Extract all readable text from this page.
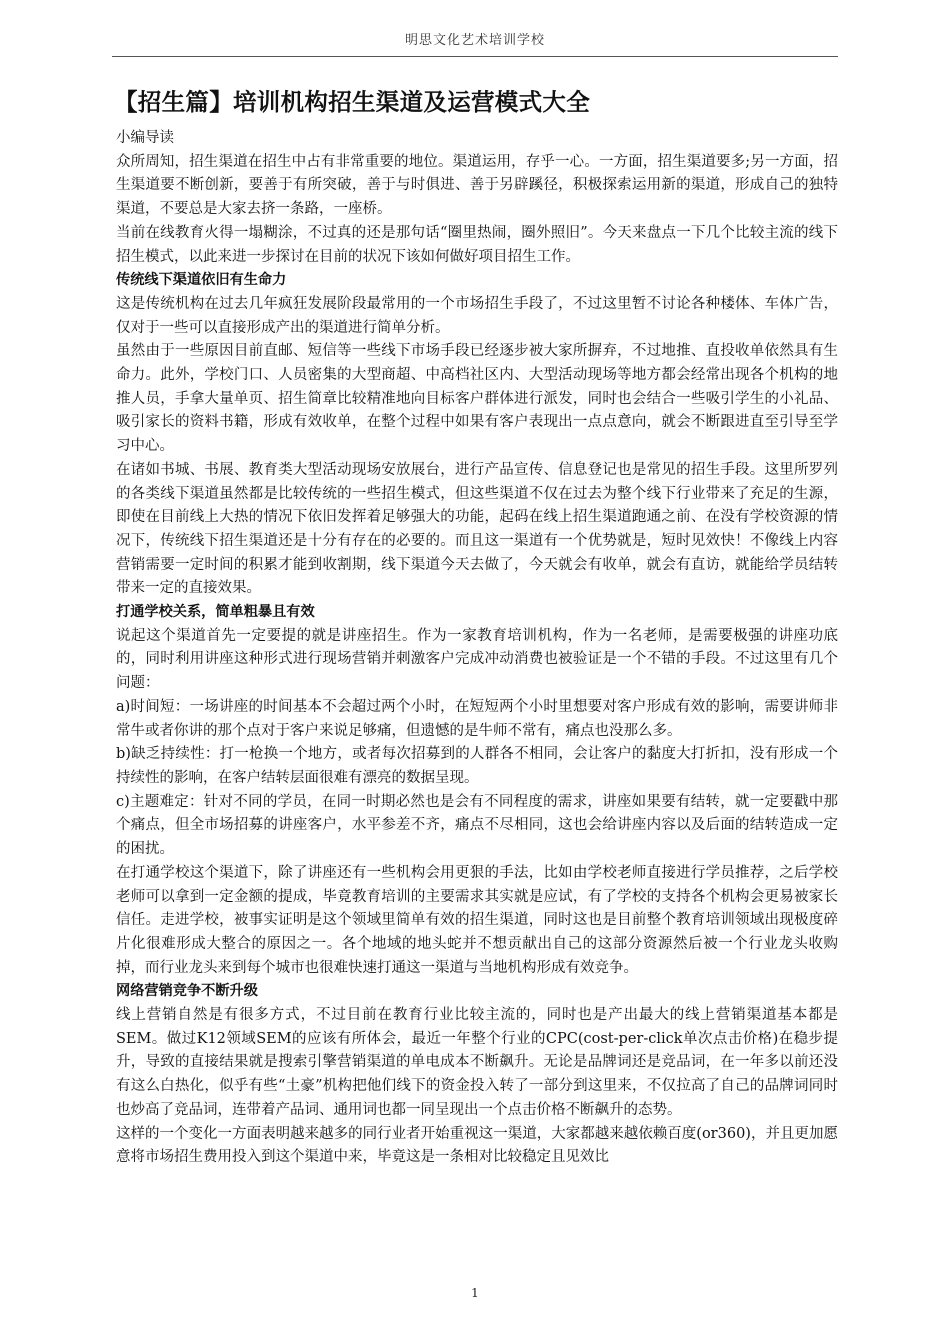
明思文化艺术培训学校
【招生篇】培训机构招生渠道及运营模式大全
小编导读

众所周知，招生渠道在招生中占有非常重要的地位。渠道运用，存乎一心。一方面，招生渠道要多;另一方面，招生渠道要不断创新，要善于有所突破，善于与时俱进、善于另辟蹊径，积极探索运用新的渠道，形成自己的独特渠道，不要总是大家去挤一条路，一座桥。

当前在线教育火得一塌糊涂，不过真的还是那句话“圈里热闹，圈外照旧”。今天来盘点一下几个比较主流的线下招生模式，以此来进一步探讨在目前的状况下该如何做好项目招生工作。

传统线下渠道依旧有生命力

这是传统机构在过去几年疯狂发展阶段最常用的一个市场招生手段了，不过这里暂不讨论各种楼体、车体广告，仅对于一些可以直接形成产出的渠道进行简单分析。

虽然由于一些原因目前直邮、短信等一些线下市场手段已经逐步被大家所摒弃，不过地推、直投收单依然具有生命力。此外，学校门口、人员密集的大型商超、中高档社区内、大型活动现场等地方都会经常出现各个机构的地推人员，手拿大量单页、招生简章比较精准地向目标客户群体进行派发，同时也会结合一些吸引学生的小礼品、吸引家长的资料书籍，形成有效收单，在整个过程中如果有客户表现出一点点意向，就会不断跟进直至引导至学习中心。

在诸如书城、书展、教育类大型活动现场安放展台，进行产品宣传、信息登记也是常见的招生手段。这里所罗列的各类线下渠道虽然都是比较传统的一些招生模式，但这些渠道不仅在过去为整个线下行业带来了充足的生源，即使在目前线上大热的情况下依旧发挥着足够强大的功能，起码在线上招生渠道跑通之前、在没有学校资源的情况下，传统线下招生渠道还是十分有存在的必要的。而且这一渠道有一个优势就是，短时见效快！不像线上内容营销需要一定时间的积累才能到收割期，线下渠道今天去做了，今天就会有收单，就会有直访，就能给学员结转带来一定的直接效果。

打通学校关系，简单粗暴且有效

说起这个渠道首先一定要提的就是讲座招生。作为一家教育培训机构，作为一名老师，是需要极强的讲座功底的，同时利用讲座这种形式进行现场营销并刺激客户完成冲动消费也被验证是一个不错的手段。不过这里有几个问题：

a)时间短：一场讲座的时间基本不会超过两个小时，在短短两个小时里想要对客户形成有效的影响，需要讲师非常牛或者你讲的那个点对于客户来说足够痛，但遗憾的是牛师不常有，痛点也没那么多。

b)缺乏持续性：打一枪换一个地方，或者每次招募到的人群各不相同，会让客户的黏度大打折扣，没有形成一个持续性的影响，在客户结转层面很难有漂亮的数据呈现。

c)主题难定：针对不同的学员，在同一时期必然也是会有不同程度的需求，讲座如果要有结转，就一定要戳中那个痛点，但全市场招募的讲座客户，水平参差不齐，痛点不尽相同，这也会给讲座内容以及后面的结转造成一定的困扰。

在打通学校这个渠道下，除了讲座还有一些机构会用更狠的手法，比如由学校老师直接进行学员推荐，之后学校老师可以拿到一定金额的提成，毕竟教育培训的主要需求其实就是应试，有了学校的支持各个机构会更易被家长信任。走进学校，被事实证明是这个领域里简单有效的招生渠道，同时这也是目前整个教育培训领域出现极度碎片化很难形成大整合的原因之一。各个地域的地头蛇并不想贡献出自己的这部分资源然后被一个行业龙头收购掉，而行业龙头来到每个城市也很难快速打通这一渠道与当地机构形成有效竞争。

网络营销竞争不断升级

线上营销自然是有很多方式，不过目前在教育行业比较主流的，同时也是产出最大的线上营销渠道基本都是SEM。做过K12领域SEM的应该有所体会，最近一年整个行业的CPC(cost-per-click单次点击价格)在稳步提升，导致的直接结果就是搜索引擎营销渠道的单电成本不断飙升。无论是品牌词还是竞品词，在一年多以前还没有这么白热化，似乎有些“土豪”机构把他们线下的资金投入转了一部分到这里来，不仅拉高了自己的品牌词同时也炒高了竞品词，连带着产品词、通用词也都一同呈现出一个点击价格不断飙升的态势。

这样的一个变化一方面表明越来越多的同行业者开始重视这一渠道，大家都越来越依赖百度(or360)，并且更加愿意将市场招生费用投入到这个渠道中来，毕竟这是一条相对比较稳定且见效比

1
